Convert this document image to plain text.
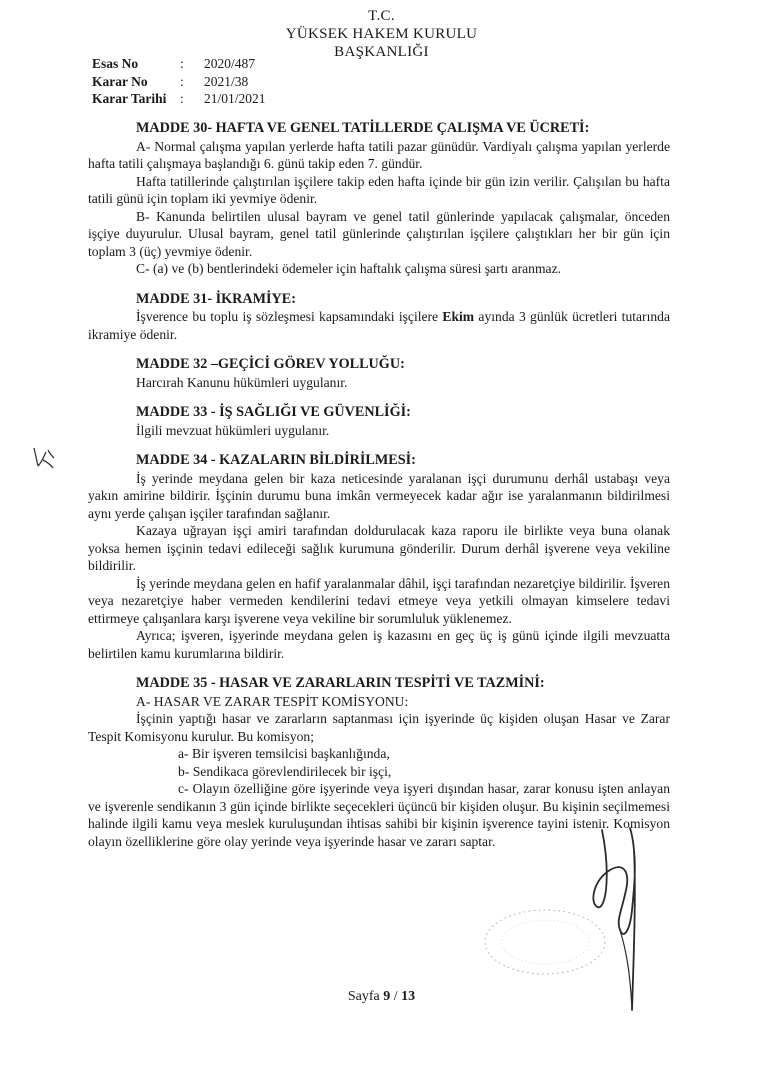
T.C.
YÜKSEK HAKEM KURULU
BAŞKANLIĞI
Esas No	:	2020/487
Karar No	:	2021/38
Karar Tarihi	:	21/01/2021
MADDE 30- HAFTA VE GENEL TATİLLERDE ÇALIŞMA VE ÜCRETİ:

A- Normal çalışma yapılan yerlerde hafta tatili pazar günüdür. Vardiyalı çalışma yapılan yerlerde hafta tatili çalışmaya başlandığı 6. günü takip eden 7. gündür.

Hafta tatillerinde çalıştırılan işçilere takip eden hafta içinde bir gün izin verilir. Çalışılan bu hafta tatili günü için toplam iki yevmiye ödenir.

B- Kanunda belirtilen ulusal bayram ve genel tatil günlerinde yapılacak çalışmalar, önceden işçiye duyurulur. Ulusal bayram, genel tatil günlerinde çalıştırılan işçilere çalıştıkları her bir gün için toplam 3 (üç) yevmiye ödenir.

C- (a) ve (b) bentlerindeki ödemeler için haftalık çalışma süresi şartı aranmaz.

MADDE 31- İKRAMİYE:

İşverence bu toplu iş sözleşmesi kapsamındaki işçilere Ekim ayında 3 günlük ücretleri tutarında ikramiye ödenir.

MADDE 32 –GEÇİCİ GÖREV YOLLUĞU:

Harcırah Kanunu hükümleri uygulanır.

MADDE 33 - İŞ SAĞLIĞI VE GÜVENLİĞİ:

İlgili mevzuat hükümleri uygulanır.

MADDE 34 - KAZALARIN BİLDİRİLMESİ:

İş yerinde meydana gelen bir kaza neticesinde yaralanan işçi durumunu derhâl ustabaşı veya yakın amirine bildirir. İşçinin durumu buna imkân vermeyecek kadar ağır ise yaralanmanın bildirilmesi aynı yerde çalışan işçiler tarafından sağlanır.

Kazaya uğrayan işçi amiri tarafından doldurulacak kaza raporu ile birlikte veya buna olanak yoksa hemen işçinin tedavi edileceği sağlık kurumuna gönderilir. Durum derhâl işverene veya vekiline bildirilir.

İş yerinde meydana gelen en hafif yaralanmalar dâhil, işçi tarafından nezaretçiye bildirilir. İşveren veya nezaretçiye haber vermeden kendilerini tedavi etmeye veya yetkili olmayan kimselere tedavi ettirmeye çalışanlara karşı işverene veya vekiline bir sorumluluk yüklenemez.

Ayrıca; işveren, işyerinde meydana gelen iş kazasını en geç üç iş günü içinde ilgili mevzuatta belirtilen kamu kurumlarına bildirir.

MADDE 35 - HASAR VE ZARARLARIN TESPİTİ VE TAZMİNİ:
A- HASAR VE ZARAR TESPİT KOMİSYONU:

İşçinin yaptığı hasar ve zararların saptanması için işyerinde üç kişiden oluşan Hasar ve Zarar Tespit Komisyonu kurulur. Bu komisyon;

a- Bir işveren temsilcisi başkanlığında,
b- Sendikaca görevlendirilecek bir işçi,

c- Olayın özelliğine göre işyerinde veya işyeri dışından hasar, zarar konusu işten anlayan ve işverenle sendikanın 3 gün içinde birlikte seçecekleri üçüncü bir kişiden oluşur. Bu kişinin seçilmemesi halinde ilgili kamu veya meslek kuruluşundan ihtisas sahibi bir kişinin işverence tayini istenir. Komisyon olayın özelliklerine göre olay yerinde veya işyerinde hasar ve zararı saptar.

Sayfa 9 / 13
